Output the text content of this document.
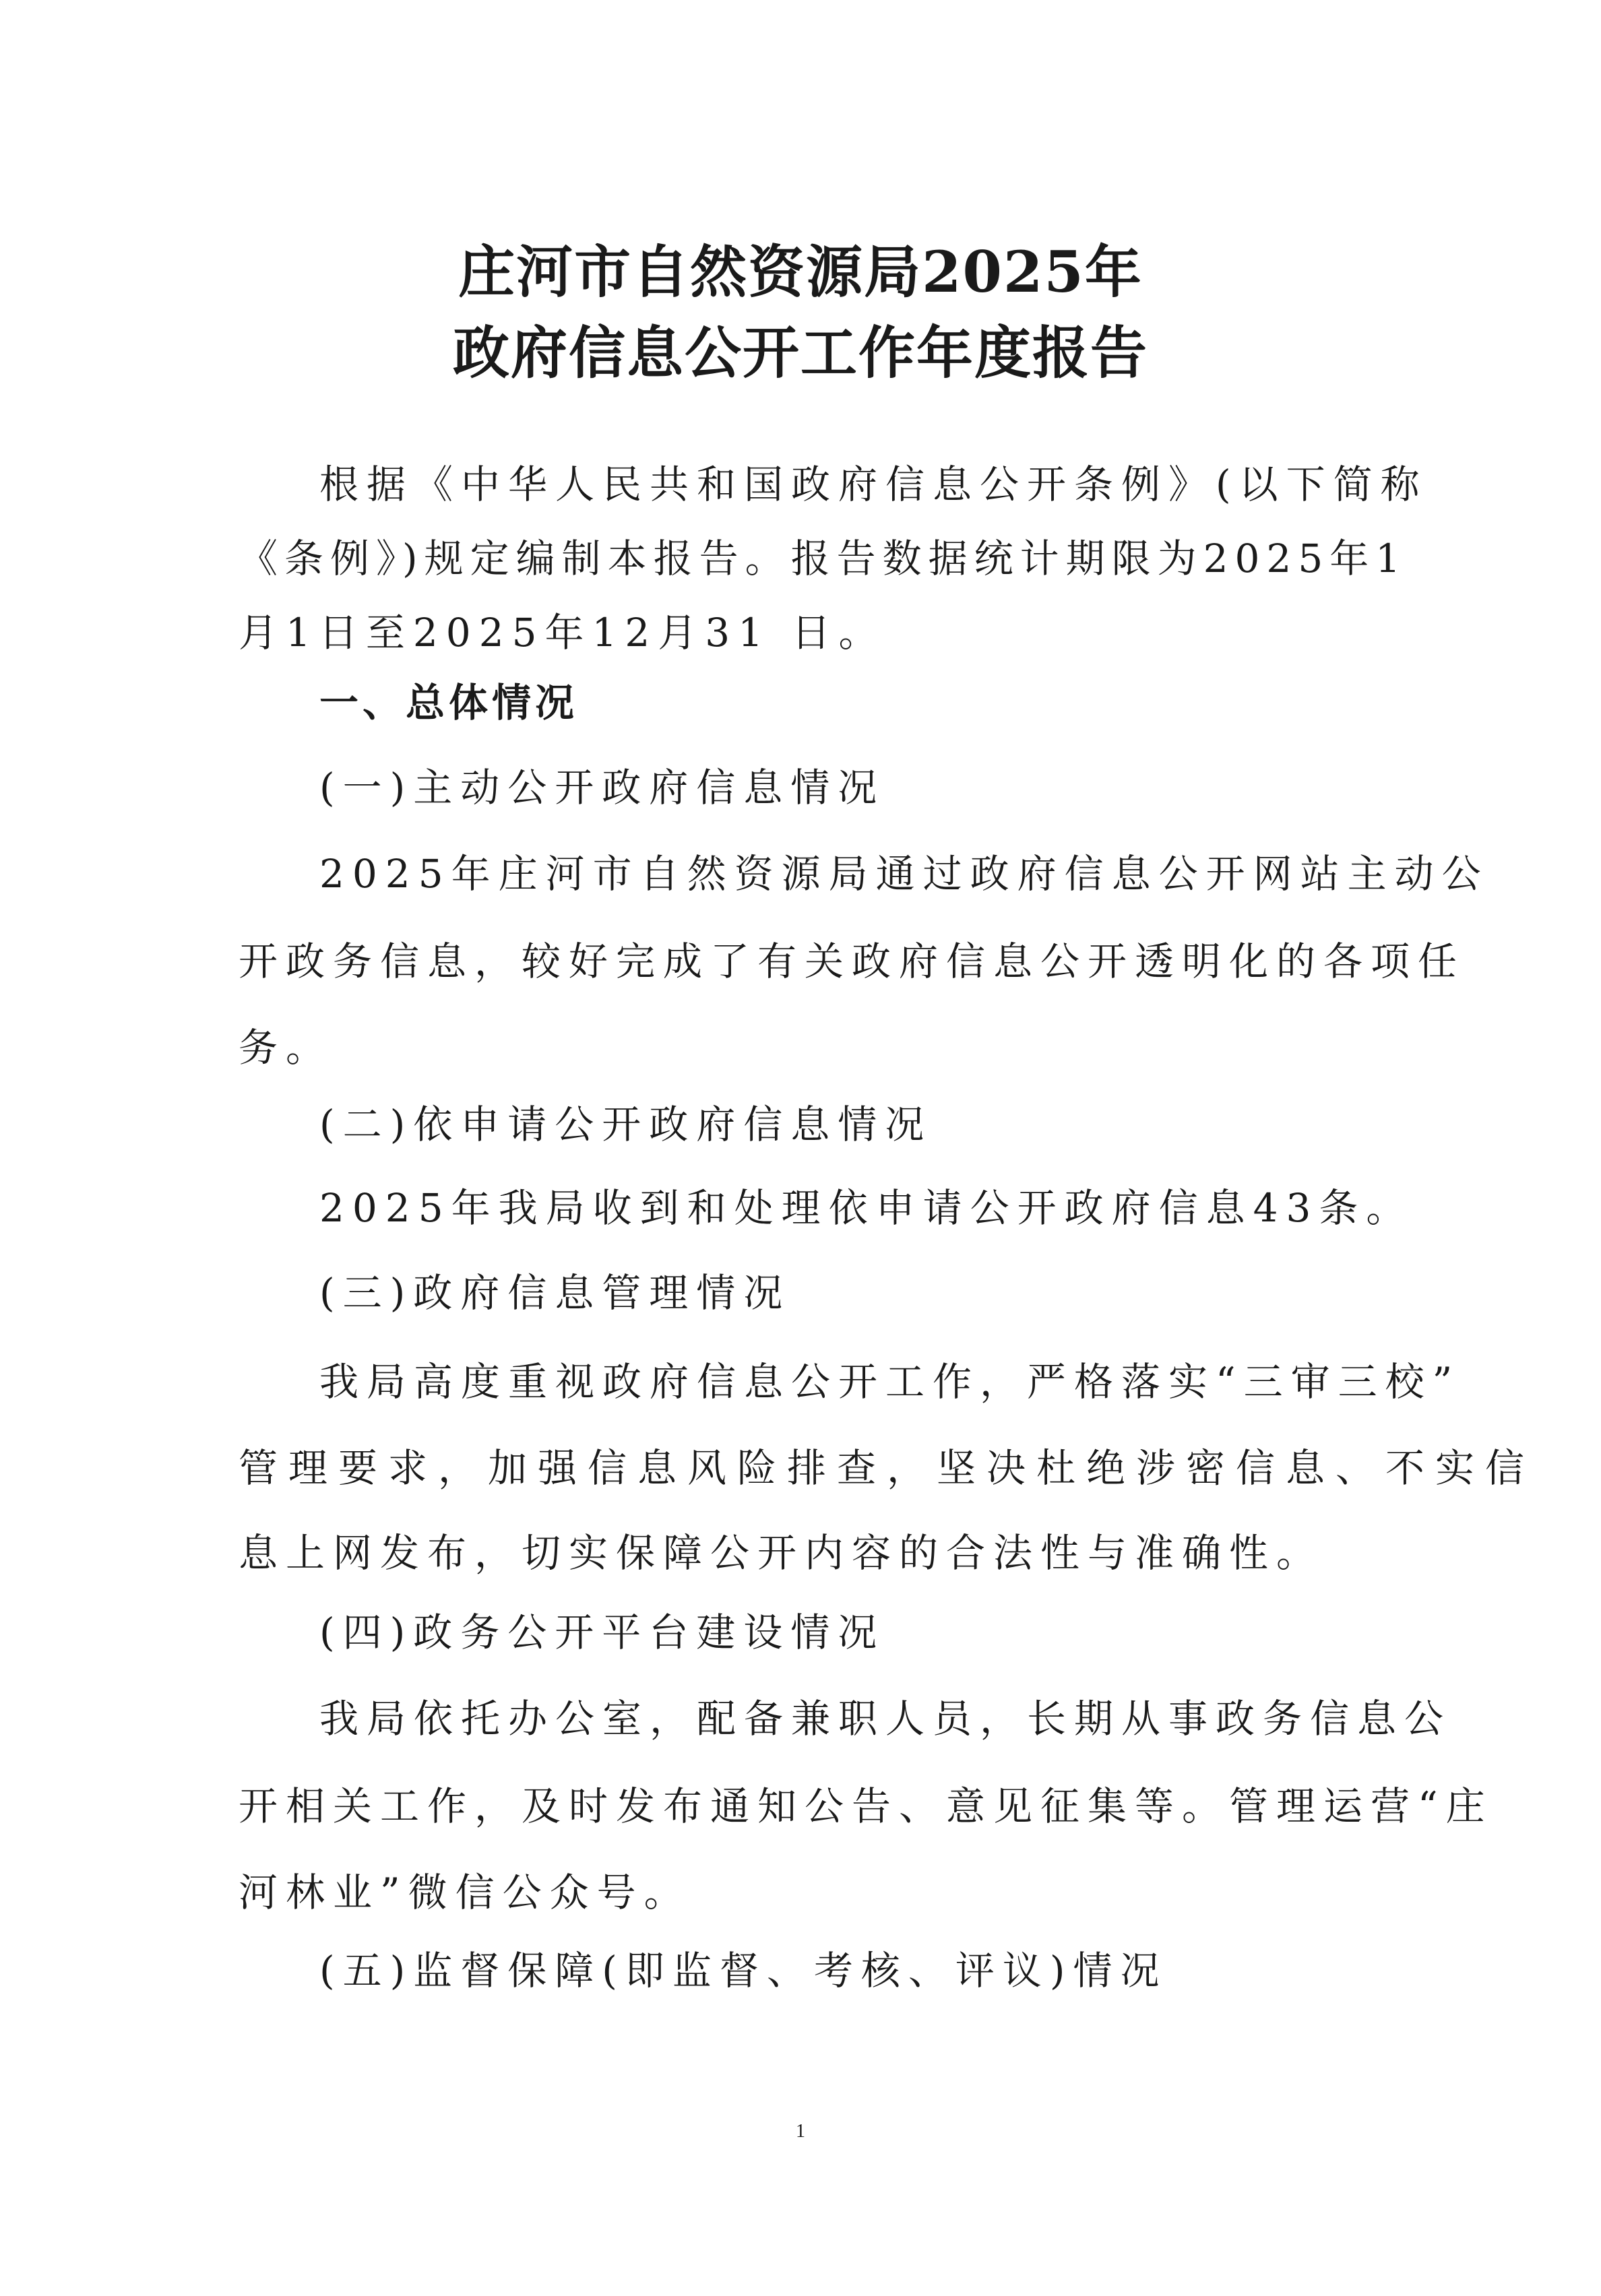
庄河市自然资源局2025年
政府信息公开工作年度报告
根据《中华人民共和国政府信息公开条例》(以下简称
《条例》)规定编制本报告。报告数据统计期限为2025年1
月1日至2025年12月31 日。
一、总体情况
(一)主动公开政府信息情况
2025年庄河市自然资源局通过政府信息公开网站主动公
开政务信息，较好完成了有关政府信息公开透明化的各项任
务。
(二)依申请公开政府信息情况
2025年我局收到和处理依申请公开政府信息43条。
(三)政府信息管理情况
我局高度重视政府信息公开工作，严格落实“三审三校”
管理要求，加强信息风险排查，坚决杜绝涉密信息、不实信
息上网发布，切实保障公开内容的合法性与准确性。
(四)政务公开平台建设情况
我局依托办公室，配备兼职人员，长期从事政务信息公
开相关工作，及时发布通知公告、意见征集等。管理运营“庄
河林业”微信公众号。
(五)监督保障(即监督、考核、评议)情况
1
